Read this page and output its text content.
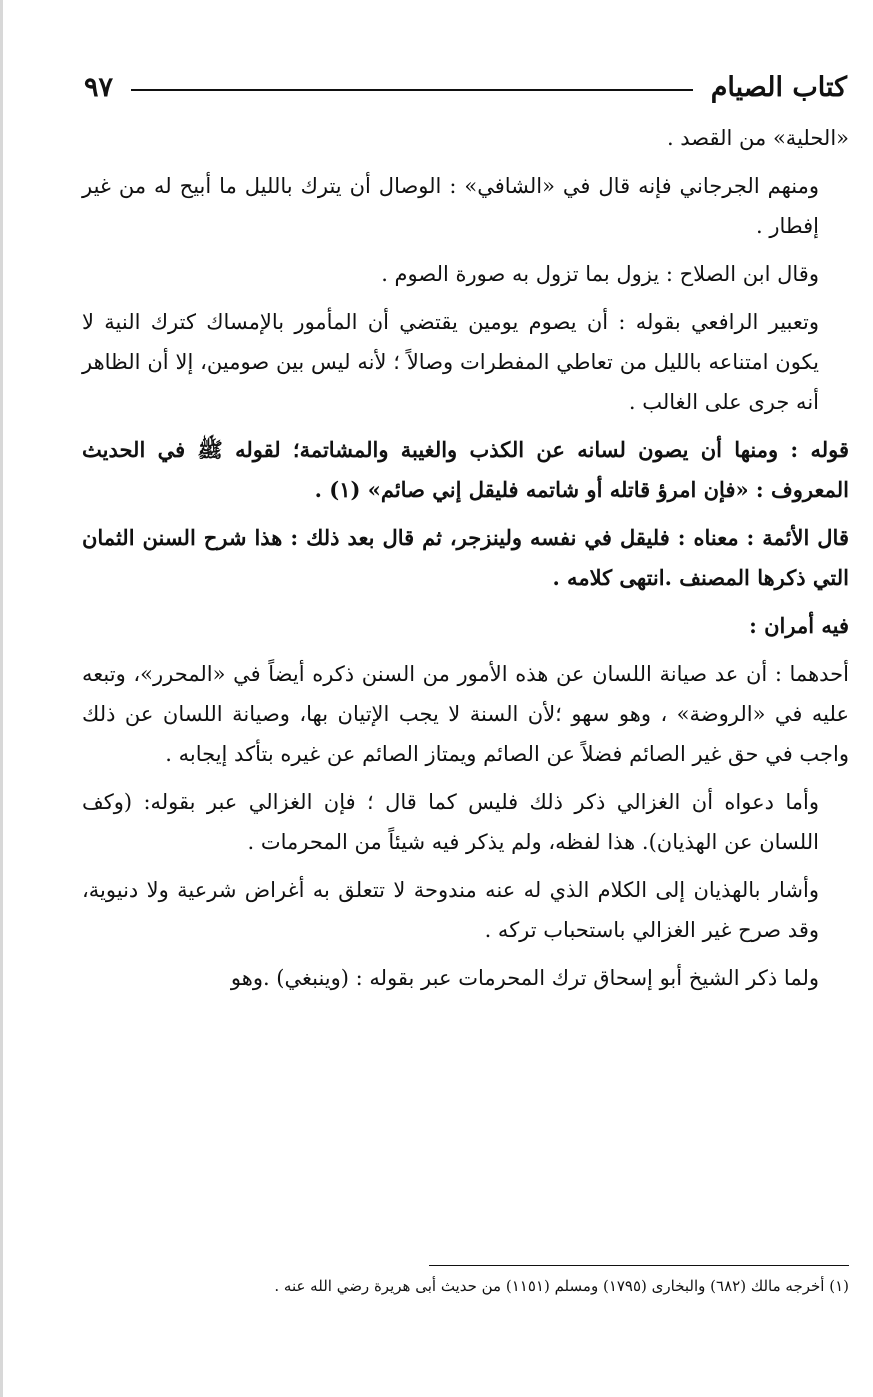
كتاب الصيام
٩٧

«الحلية» من القصد .

ومنهم الجرجاني فإنه قال في «الشافي» : الوصال أن يترك بالليل ما أبيح له من غير إفطار .

وقال ابن الصلاح : يزول بما تزول به صورة الصوم .

وتعبير الرافعي بقوله : أن يصوم يومين يقتضي أن المأمور بالإمساك كترك النية لا يكون امتناعه بالليل من تعاطي المفطرات وصالاً ؛ لأنه ليس بين صومين، إلا أن الظاهر أنه جرى على الغالب .

قوله : ومنها أن يصون لسانه عن الكذب والغيبة والمشاتمة؛ لقوله ﷺ في الحديث المعروف : «فإن امرؤ قاتله أو شاتمه فليقل إني صائم» (١) .

قال الأئمة : معناه : فليقل في نفسه ولينزجر، ثم قال بعد ذلك : هذا شرح السنن الثمان التي ذكرها المصنف .انتهى كلامه .

فيه أمران :

أحدهما : أن عد صيانة اللسان عن هذه الأمور من السنن ذكره أيضاً في «المحرر»، وتبعه عليه في «الروضة» ، وهو سهو ؛لأن السنة لا يجب الإتيان بها، وصيانة اللسان عن ذلك واجب في حق غير الصائم فضلاً عن الصائم ويمتاز الصائم عن غيره بتأكد إيجابه .

وأما دعواه أن الغزالي ذكر ذلك فليس كما قال ؛ فإن الغزالي عبر بقوله: (وكف اللسان عن الهذيان). هذا لفظه، ولم يذكر فيه شيئاً من المحرمات .

وأشار بالهذيان إلى الكلام الذي له عنه مندوحة لا تتعلق به أغراض شرعية ولا دنيوية، وقد صرح غير الغزالي باستحباب تركه .

ولما ذكر الشيخ أبو إسحاق ترك المحرمات عبر بقوله : (وينبغي) .وهو

(١) أخرجه مالك (٦٨٢) والبخارى (١٧٩٥) ومسلم (١١٥١) من حديث أبى هريرة رضي الله عنه .
